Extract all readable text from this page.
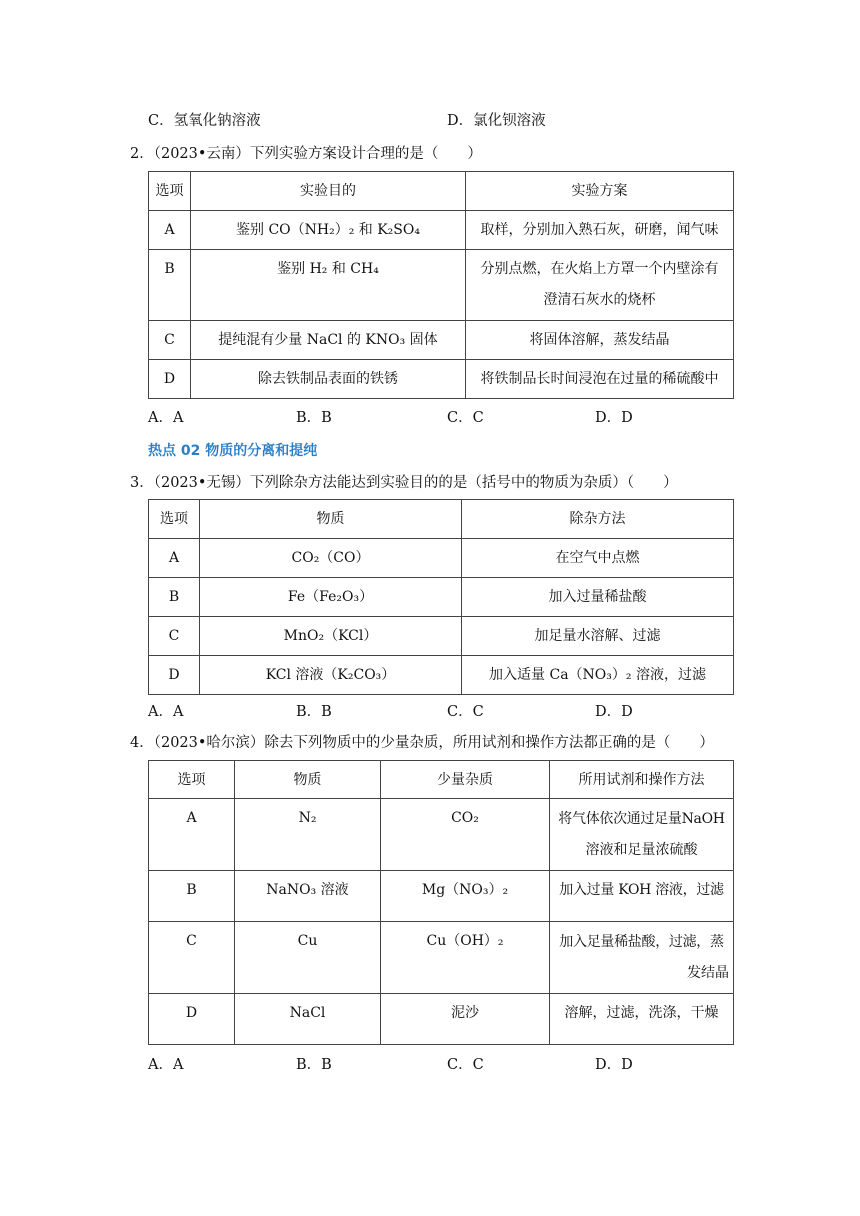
C．氢氧化钠溶液	D．氯化钡溶液
2．（2023•云南）下列实验方案设计合理的是（　　）
选项	实验目的	实验方案
A	鉴别 CO（NH₂）₂ 和 K₂SO₄	取样，分别加入熟石灰，研磨，闻气味
B	鉴别 H₂ 和 CH₄	分别点燃，在火焰上方罩一个内壁涂有
澄清石灰水的烧杯

C	提纯混有少量 NaCl 的 KNO₃ 固体	将固体溶解，蒸发结晶
D	除去铁制品表面的铁锈	将铁制品长时间浸泡在过量的稀硫酸中
A．A	B．B	C．C	D．D
热点 02 物质的分离和提纯
3．（2023•无锡）下列除杂方法能达到实验目的的是（括号中的物质为杂质）（　　）
选项	物质	除杂方法
A	CO₂（CO）	在空气中点燃
B	Fe（Fe₂O₃）	加入过量稀盐酸
C	MnO₂（KCl）	加足量水溶解、过滤
D	KCl 溶液（K₂CO₃）	加入适量 Ca（NO₃）₂ 溶液，过滤
A．A	B．B	C．C	D．D
4．（2023•哈尔滨）除去下列物质中的少量杂质，所用试剂和操作方法都正确的是（　　）
选项	物质	少量杂质	所用试剂和操作方法
A	N₂	CO₂	将气体依次通过足量NaOH
溶液和足量浓硫酸

B	NaNO₃ 溶液	Mg（NO₃）₂	加入过量 KOH 溶液，过滤
C	Cu	Cu（OH）₂	加入足量稀盐酸，过滤，蒸
发结晶

D	NaCl	泥沙	溶解，过滤，洗涤，干燥
A．A	B．B	C．C	D．D
